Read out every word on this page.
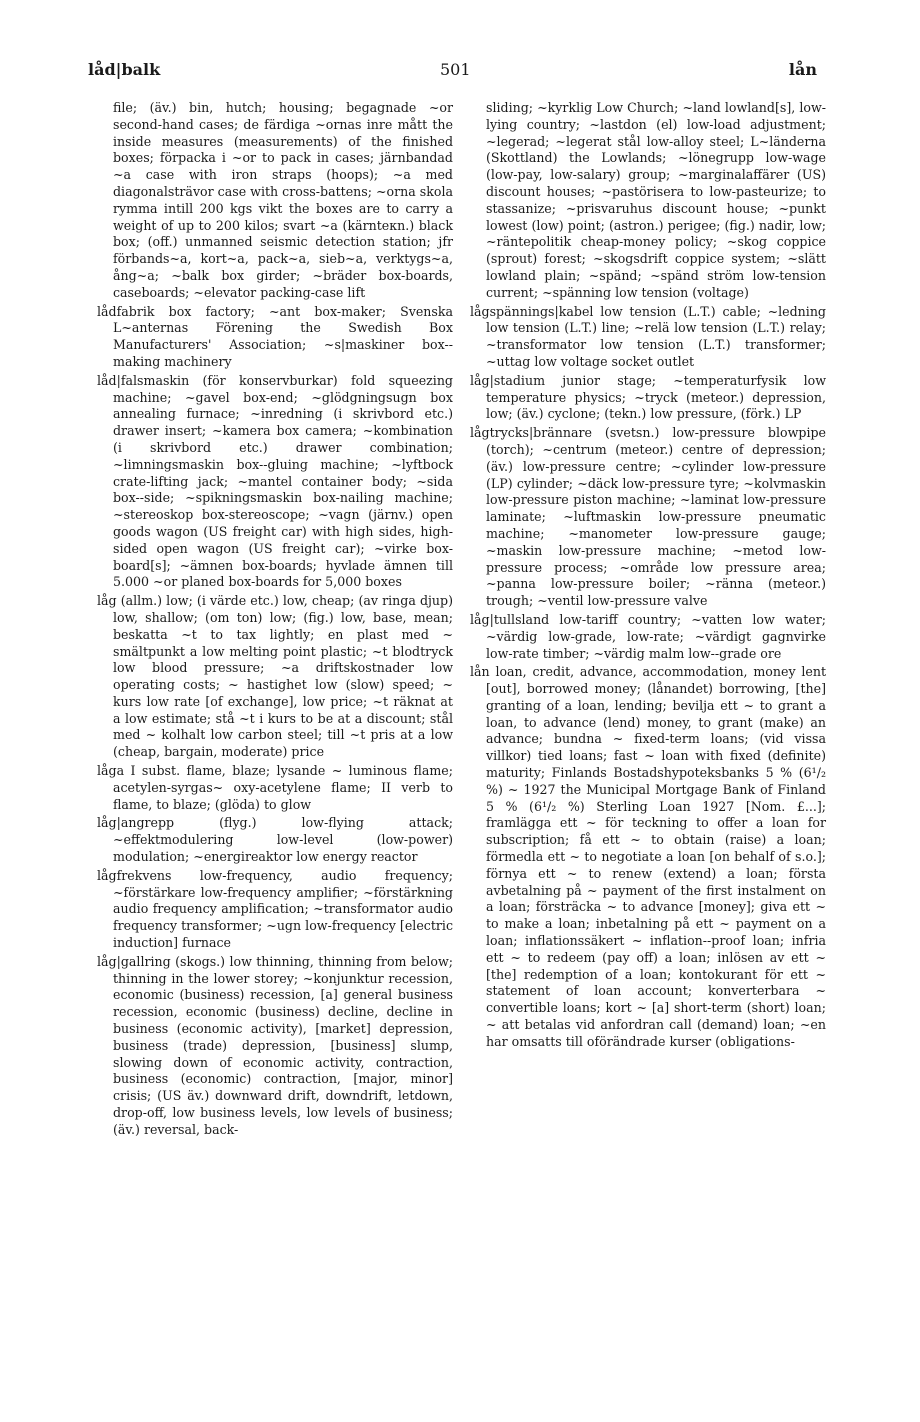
låd|balk	501	lån

file; (äv.) bin, hutch; housing; begagnade ~or second-hand cases; de färdiga ~ornas inre mått the inside measures (measurements) of the finished boxes; förpacka i ~or to pack in cases; järnbandad ~a case with iron straps (hoops); ~a med diagonalsträvor case with cross-battens; ~orna skola rymma intill 200 kgs vikt the boxes are to carry a weight of up to 200 kilos; svart ~a (kärnteкn.) black box; (off.) unmanned seismic detection station; jfr förbands~a, kort~a, pack~a, sieb~a, verktygs~a, ång~a; ~balk box girder; ~bräder box-boards, caseboards; ~elevator packing-case lift

lådfabrik box factory; ~ant box-maker; Svenska L~anternas Förening the Swedish Box Manufacturers' Association; ~s|maskiner box--making machinery

låd|falsmaskin (för konservburkar) fold squeezing machine; ~gavel box-end; ~glödgningsugn box annealing furnace; ~inredning (i skrivbord etc.) drawer insert; ~kamera box camera; ~kombination (i skrivbord etc.) drawer combination; ~limningsmaskin box--gluing machine; ~lyftbock crate-lifting jack; ~mantel container body; ~sida box--side; ~spikningsmaskin box-nailing machine; ~stereoskop box-stereoscope; ~vagn (järnv.) open goods wagon (US freight car) with high sides, high-sided open wagon (US freight car); ~virke box-board[s]; ~ämnen box-boards; hyvlade ämnen till 5.000 ~or planed box-boards for 5,000 boxes

låg (allm.) low; (i värde etc.) low, cheap; (av ringa djup) low, shallow; (om ton) low; (fig.) low, base, mean; beskatta ~t to tax lightly; en plast med ~ smältpunkt a low melting point plastic; ~t blodtryck low blood pressure; ~a driftskostnader low operating costs; ~ hastighet low (slow) speed; ~ kurs low rate [of exchange], low price; ~t räknat at a low estimate; stå ~t i kurs to be at a discount; stål med ~ kolhalt low carbon steel; till ~t pris at a low (cheap, bargain, moderate) price

låga I subst. flame, blaze; lysande ~ luminous flame; acetylen-syrgas~ oxy-acetylene flame; II verb to flame, to blaze; (glöda) to glow

låg|angrepp (flyg.) low-flying attack; ~effektmodulering low-level (low-power) modulation; ~energireaktor low energy reactor

lågfrekvens low-frequency, audio frequency; ~förstärkare low-frequency amplifier; ~förstärkning audio frequency amplification; ~transformator audio frequency transformer; ~ugn low-frequency [electric induction] furnace

låg|gallring (skogs.) low thinning, thinning from below; thinning in the lower storey; ~konjunktur recession, economic (business) recession, [a] general business recession, economic (business) decline, decline in business (economic activity), [market] depression, business (trade) depression, [business] slump, slowing down of economic activity, contraction, business (economic) contraction, [major, minor] crisis; (US äv.) downward drift, downdrift, letdown, drop-off, low business levels, low levels of business; (äv.) reversal, back-

sliding; ~kyrklig Low Church; ~land lowland[s], low-lying country; ~lastdon (el) low-load adjustment; ~legerad; ~legerat stål low-alloy steel; L~länderna (Skottland) the Lowlands; ~lönegrupp low-wage (low-pay, low-salary) group; ~marginalaffärer (US) discount houses; ~pastörisera to low-pasteurize; to stassanize; ~prisvaruhus discount house; ~punkt lowest (low) point; (astron.) perigee; (fig.) nadir, low; ~räntepolitik cheap-money policy; ~skog coppice (sprout) forest; ~skogsdrift coppice system; ~slätt lowland plain; ~spänd; ~spänd ström low-tension current; ~spänning low tension (voltage)

lågspännings|kabel low tension (L.T.) cable; ~ledning low tension (L.T.) line; ~relä low tension (L.T.) relay; ~transformator low tension (L.T.) transformer; ~uttag low voltage socket outlet

låg|stadium junior stage; ~temperaturfysik low temperature physics; ~tryck (meteor.) depression, low; (äv.) cyclone; (tekn.) low pressure, (förk.) LP

lågtrycks|brännare (svetsn.) low-pressure blowpipe (torch); ~centrum (meteor.) centre of depression; (äv.) low-pressure centre; ~cylinder low-pressure (LP) cylinder; ~däck low-pressure tyre; ~kolvmaskin low-pressure piston machine; ~laminat low-pressure laminate; ~luftmaskin low-pressure pneumatic machine; ~manometer low-pressure gauge; ~maskin low-pressure machine; ~metod low-pressure process; ~område low pressure area; ~panna low-pressure boiler; ~ränna (meteor.) trough; ~ventil low-pressure valve

låg|tullsland low-tariff country; ~vatten low water; ~värdig low-grade, low-rate; ~värdigt gagnvirke low-rate timber; ~värdig malm low--grade ore

lån loan, credit, advance, accommodation, money lent [out], borrowed money; (lånandet) borrowing, [the] granting of a loan, lending; bevilja ett ~ to grant a loan, to advance (lend) money, to grant (make) an advance; bundna ~ fixed-term loans; (vid vissa villkor) tied loans; fast ~ loan with fixed (definite) maturity; Finlands Bostadshypoteksbanks 5 % (6¹/₂ %) ~ 1927 the Municipal Mortgage Bank of Finland 5 % (6¹/₂ %) Sterling Loan 1927 [Nom. £...]; framlägga ett ~ för teckning to offer a loan for subscription; få ett ~ to obtain (raise) a loan; förmedla ett ~ to negotiate a loan [on behalf of s.o.]; förnya ett ~ to renew (extend) a loan; första avbetalning på ~ payment of the first instalment on a loan; försträcka ~ to advance [money]; giva ett ~ to make a loan; inbetalning på ett ~ payment on a loan; inflationssäkert ~ inflation--proof loan; infria ett ~ to redeem (pay off) a loan; inlösen av ett ~ [the] redemption of a loan; kontokurant för ett ~ statement of loan account; konverterbara ~ convertible loans; kort ~ [a] short-term (short) loan; ~ att betalas vid anfordran call (demand) loan; ~en har omsatts till oförändrade kurser (obligations-
